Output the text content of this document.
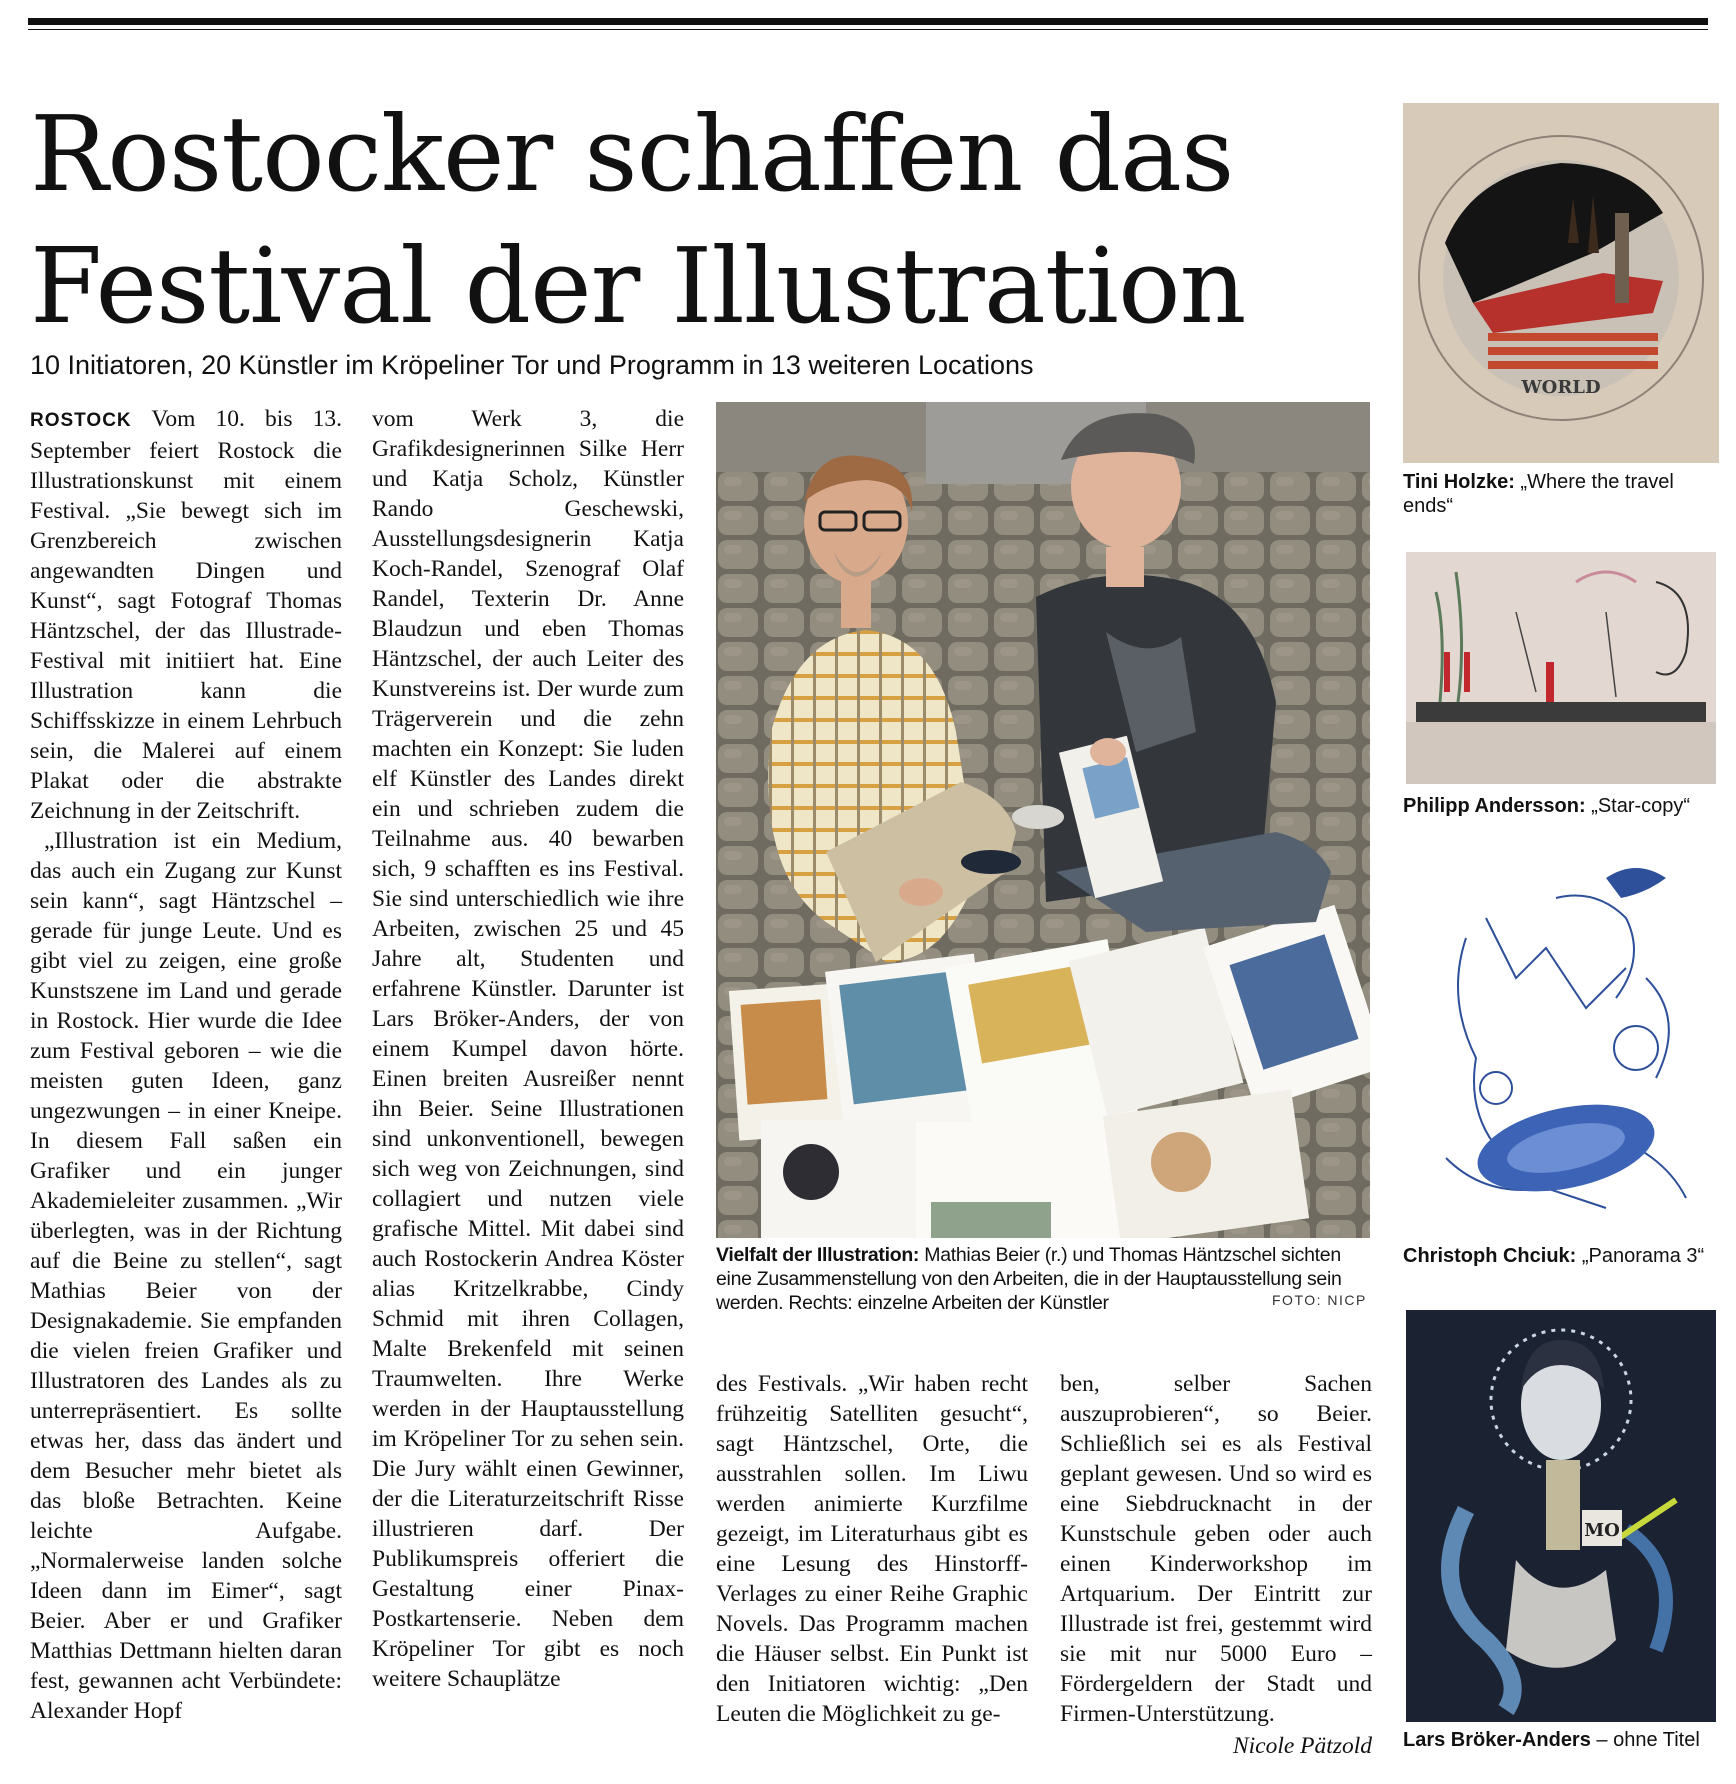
Rostocker schaffen das Festival der Illustration
10 Initiatoren, 20 Künstler im Kröpeliner Tor und Programm in 13 weiteren Locations

ROSTOCK Vom 10. bis 13. September feiert Rostock die Illustrationskunst mit einem Festival. „Sie bewegt sich im Grenzbereich zwischen angewandten Dingen und Kunst“, sagt Fotograf Thomas Häntzschel, der das Illustrade-Festival mit initiiert hat. Eine Illustration kann die Schiffsskizze in einem Lehrbuch sein, die Malerei auf einem Plakat oder die abstrakte Zeichnung in der Zeitschrift.

„Illustration ist ein Medium, das auch ein Zugang zur Kunst sein kann“, sagt Häntzschel – gerade für junge Leute. Und es gibt viel zu zeigen, eine große Kunstszene im Land und gerade in Rostock. Hier wurde die Idee zum Festival geboren – wie die meisten guten Ideen, ganz ungezwungen – in einer Kneipe. In diesem Fall saßen ein Grafiker und ein junger Akademieleiter zusammen. „Wir überlegten, was in der Richtung auf die Beine zu stellen“, sagt Mathias Beier von der Designakademie. Sie empfanden die vielen freien Grafiker und Illustratoren des Landes als zu unterrepräsentiert. Es sollte etwas her, dass das ändert und dem Besucher mehr bietet als das bloße Betrachten. Keine leichte Aufgabe. „Normalerweise landen solche Ideen dann im Eimer“, sagt Beier. Aber er und Grafiker Matthias Dettmann hielten daran fest, gewannen acht Verbündete: Alexander Hopf

vom Werk 3, die Grafikdesignerinnen Silke Herr und Katja Scholz, Künstler Rando Geschewski, Ausstellungsdesignerin Katja Koch-Randel, Szenograf Olaf Randel, Texterin Dr. Anne Blaudzun und eben Thomas Häntzschel, der auch Leiter des Kunstvereins ist. Der wurde zum Trägerverein und die zehn machten ein Konzept: Sie luden elf Künstler des Landes direkt ein und schrieben zudem die Teilnahme aus. 40 bewarben sich, 9 schafften es ins Festival. Sie sind unterschiedlich wie ihre Arbeiten, zwischen 25 und 45 Jahre alt, Studenten und erfahrene Künstler. Darunter ist Lars Bröker-Anders, der von einem Kumpel davon hörte. Einen breiten Ausreißer nennt ihn Beier. Seine Illustrationen sind unkonventionell, bewegen sich weg von Zeichnungen, sind collagiert und nutzen viele grafische Mittel. Mit dabei sind auch Rostockerin Andrea Köster alias Kritzelkrabbe, Cindy Schmid mit ihren Collagen, Malte Brekenfeld mit seinen Traumwelten. Ihre Werke werden in der Hauptausstellung im Kröpeliner Tor zu sehen sein. Die Jury wählt einen Gewinner, der die Literaturzeitschrift Risse illustrieren darf. Der Publikumspreis offeriert die Gestaltung einer Pinax-Postkartenserie. Neben dem Kröpeliner Tor gibt es noch weitere Schauplätze

Vielfalt der Illustration: Mathias Beier (r.) und Thomas Häntzschel sichten eine Zusammenstellung von den Arbeiten, die in der Hauptausstellung sein werden. Rechts: einzelne Arbeiten der Künstler	FOTO: NICP

des Festivals. „Wir haben recht frühzeitig Satelliten gesucht“, sagt Häntzschel, Orte, die ausstrahlen sollen. Im Liwu werden animierte Kurzfilme gezeigt, im Literaturhaus gibt es eine Lesung des Hinstorff-Verlages zu einer Reihe Graphic Novels. Das Programm machen die Häuser selbst. Ein Punkt ist den Initiatoren wichtig: „Den Leuten die Möglichkeit zu ge-

ben, selber Sachen auszuprobieren“, so Beier. Schließlich sei es als Festival geplant gewesen. Und so wird es eine Siebdrucknacht in der Kunstschule geben oder auch einen Kinderworkshop im Artquarium. Der Eintritt zur Illustrade ist frei, gestemmt wird sie mit nur 5000 Euro – Fördergeldern der Stadt und Firmen-Unterstützung.

Nicole Pätzold

WORLD
Tini Holzke: „Where the travel ends“
Philipp Andersson: „Star-copy“
Christoph Chciuk: „Panorama 3“
MO
Lars Bröker-Anders – ohne Titel
